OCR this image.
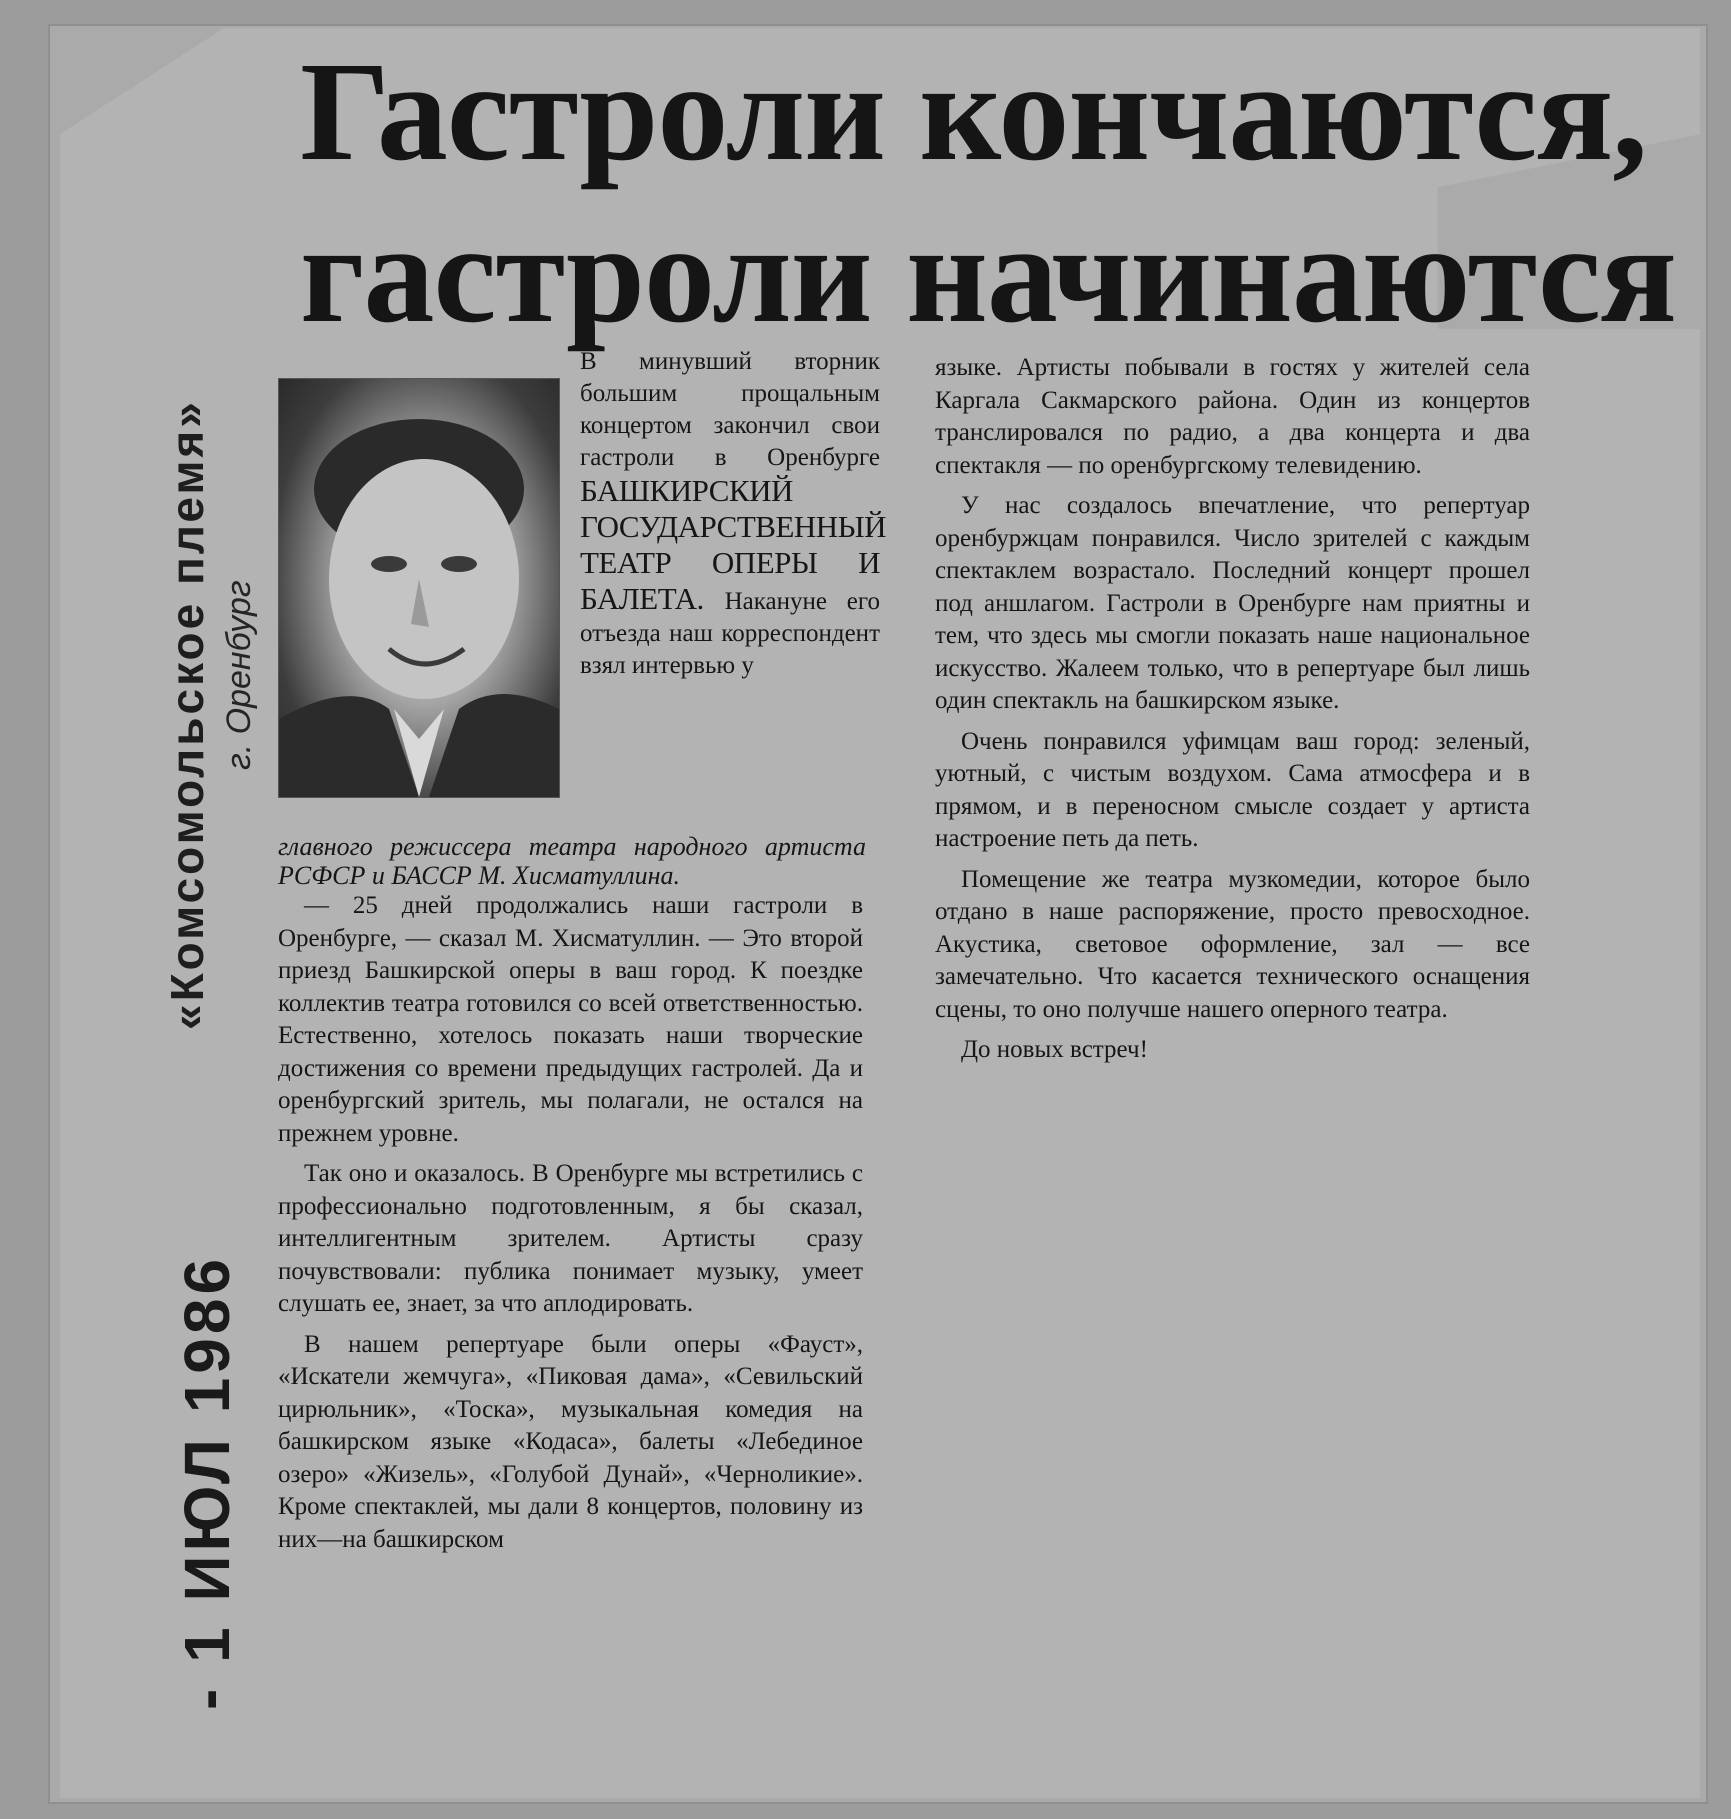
Гастроли кончаются,
гастроли начинаются
- 1 ИЮЛ 1986
«Комсомольское племя» г. Оренбург
В минувший вторник большим прощальным концертом закончил свои гастроли в Оренбурге БАШКИРСКИЙ ГОСУДАРСТВЕННЫЙ ТЕАТР ОПЕРЫ И БАЛЕТА. Накануне его отъезда наш корреспондент взял интервью у
главного режиссера театра народного артиста РСФСР и БАССР М. Хисматуллина.

— 25 дней продолжались наши гастроли в Оренбурге, — сказал М. Хисматуллин. — Это второй приезд Башкирской оперы в ваш город. К поездке коллектив театра готовился со всей ответственностью. Естественно, хотелось показать наши творческие достижения со времени предыдущих гастролей. Да и оренбургский зритель, мы полагали, не остался на прежнем уровне.

Так оно и оказалось. В Оренбурге мы встретились с профессионально подготовленным, я бы сказал, интеллигентным зрителем. Артисты сразу почувствовали: публика понимает музыку, умеет слушать ее, знает, за что аплодировать.

В нашем репертуаре были оперы «Фауст», «Искатели жемчуга», «Пиковая дама», «Севильский цирюльник», «Тоска», музыкальная комедия на башкирском языке «Кодаса», балеты «Лебединое озеро» «Жизель», «Голубой Дунай», «Черноликие». Кроме спектаклей, мы дали 8 концертов, половину из них—на башкирском

языке. Артисты побывали в гостях у жителей села Каргала Сакмарского района. Один из концертов транслировался по радио, а два концерта и два спектакля — по оренбургскому телевидению.

У нас создалось впечатление, что репертуар оренбуржцам понравился. Число зрителей с каждым спектаклем возрастало. Последний концерт прошел под аншлагом. Гастроли в Оренбурге нам приятны и тем, что здесь мы смогли показать наше национальное искусство. Жалеем только, что в репертуаре был лишь один спектакль на башкирском языке.

Очень понравился уфимцам ваш город: зеленый, уютный, с чистым воздухом. Сама атмосфера и в прямом, и в переносном смысле создает у артиста настроение петь да петь.

Помещение же театра музкомедии, которое было отдано в наше распоряжение, просто превосходное. Акустика, световое оформление, зал — все замечательно. Что касается технического оснащения сцены, то оно получше нашего оперного театра.

До новых встреч!
